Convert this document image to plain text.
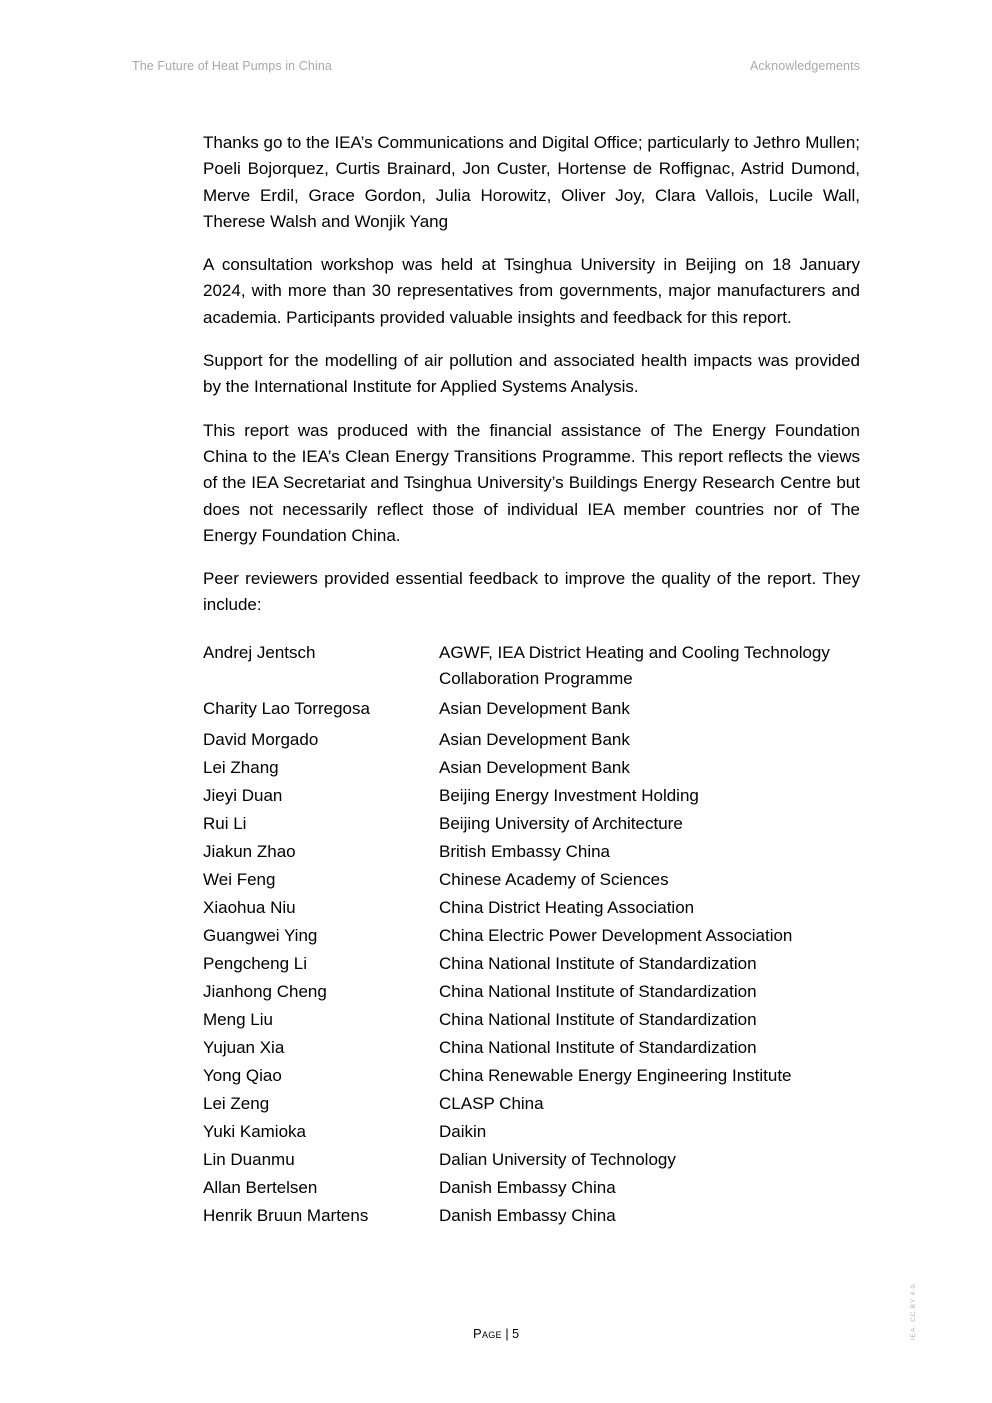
The Future of Heat Pumps in China	Acknowledgements

Thanks go to the IEA’s Communications and Digital Office; particularly to Jethro Mullen; Poeli Bojorquez, Curtis Brainard, Jon Custer, Hortense de Roffignac, Astrid Dumond, Merve Erdil, Grace Gordon, Julia Horowitz, Oliver Joy, Clara Vallois, Lucile Wall, Therese Walsh and Wonjik Yang

A consultation workshop was held at Tsinghua University in Beijing on 18 January 2024, with more than 30 representatives from governments, major manufacturers and academia. Participants provided valuable insights and feedback for this report.

Support for the modelling of air pollution and associated health impacts was provided by the International Institute for Applied Systems Analysis.

This report was produced with the financial assistance of The Energy Foundation China to the IEA’s Clean Energy Transitions Programme. This report reflects the views of the IEA Secretariat and Tsinghua University’s Buildings Energy Research Centre but does not necessarily reflect those of individual IEA member countries nor of The Energy Foundation China.

Peer reviewers provided essential feedback to improve the quality of the report. They include:

Andrej Jentsch	AGWF, IEA District Heating and Cooling Technology Collaboration Programme
Charity Lao Torregosa	Asian Development Bank
David Morgado	Asian Development Bank
Lei Zhang	Asian Development Bank
Jieyi Duan	Beijing Energy Investment Holding
Rui Li	Beijing University of Architecture
Jiakun Zhao	British Embassy China
Wei Feng	Chinese Academy of Sciences
Xiaohua Niu	China District Heating Association
Guangwei Ying	China Electric Power Development Association
Pengcheng Li	China National Institute of Standardization
Jianhong Cheng	China National Institute of Standardization
Meng Liu	China National Institute of Standardization
Yujuan Xia	China National Institute of Standardization
Yong Qiao	China Renewable Energy Engineering Institute
Lei Zeng	CLASP China
Yuki Kamioka	Daikin
Lin Duanmu	Dalian University of Technology
Allan Bertelsen	Danish Embassy China
Henrik Bruun Martens	Danish Embassy China
Page | 5	IEA. CC BY 4.0.
